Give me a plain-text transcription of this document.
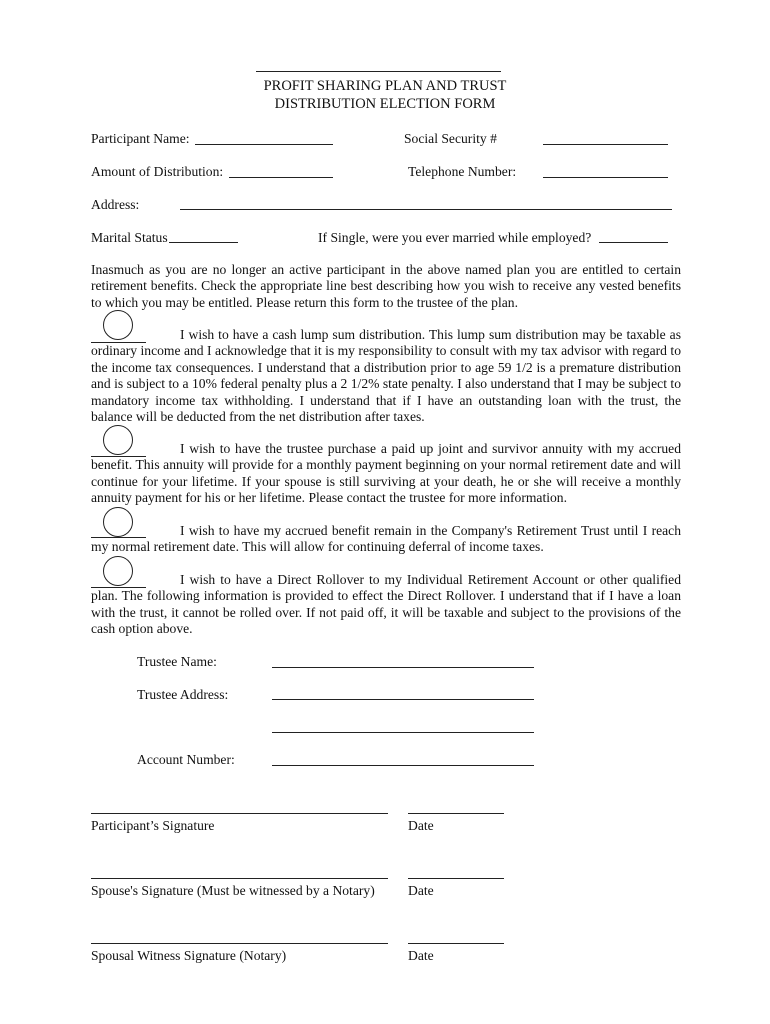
PROFIT SHARING PLAN AND TRUST
DISTRIBUTION ELECTION FORM
Participant Name:	Social Security #
Amount of Distribution:	Telephone Number:
Address:
Marital Status	If Single, were you ever married while employed?
Inasmuch as you are no longer an active participant in the above named plan you are entitled to certain retirement benefits. Check the appropriate line best describing how you wish to receive any vested benefits to which you may be entitled. Please return this form to the trustee of the plan.
I wish to have a cash lump sum distribution. This lump sum distribution may be taxable as ordinary income and I acknowledge that it is my responsibility to consult with my tax advisor with regard to the income tax consequences. I understand that a distribution prior to age 59 1/2 is a premature distribution and is subject to a 10% federal penalty plus a 2 1/2% state penalty. I also understand that I may be subject to mandatory income tax withholding. I understand that if I have an outstanding loan with the trust, the balance will be deducted from the net distribution after taxes.
I wish to have the trustee purchase a paid up joint and survivor annuity with my accrued benefit. This annuity will provide for a monthly payment beginning on your normal retirement date and will continue for your lifetime. If your spouse is still surviving at your death, he or she will receive a monthly annuity payment for his or her lifetime. Please contact the trustee for more information.
I wish to have my accrued benefit remain in the Company's Retirement Trust until I reach my normal retirement date. This will allow for continuing deferral of income taxes.
I wish to have a Direct Rollover to my Individual Retirement Account or other qualified plan. The following information is provided to effect the Direct Rollover. I understand that if I have a loan with the trust, it cannot be rolled over. If not paid off, it will be taxable and subject to the provisions of the cash option above.
Trustee Name:
Trustee Address:
Account Number:
Participant’s Signature	Date
Spouse's Signature (Must be witnessed by a Notary) Date
Spousal Witness Signature (Notary)	Date
